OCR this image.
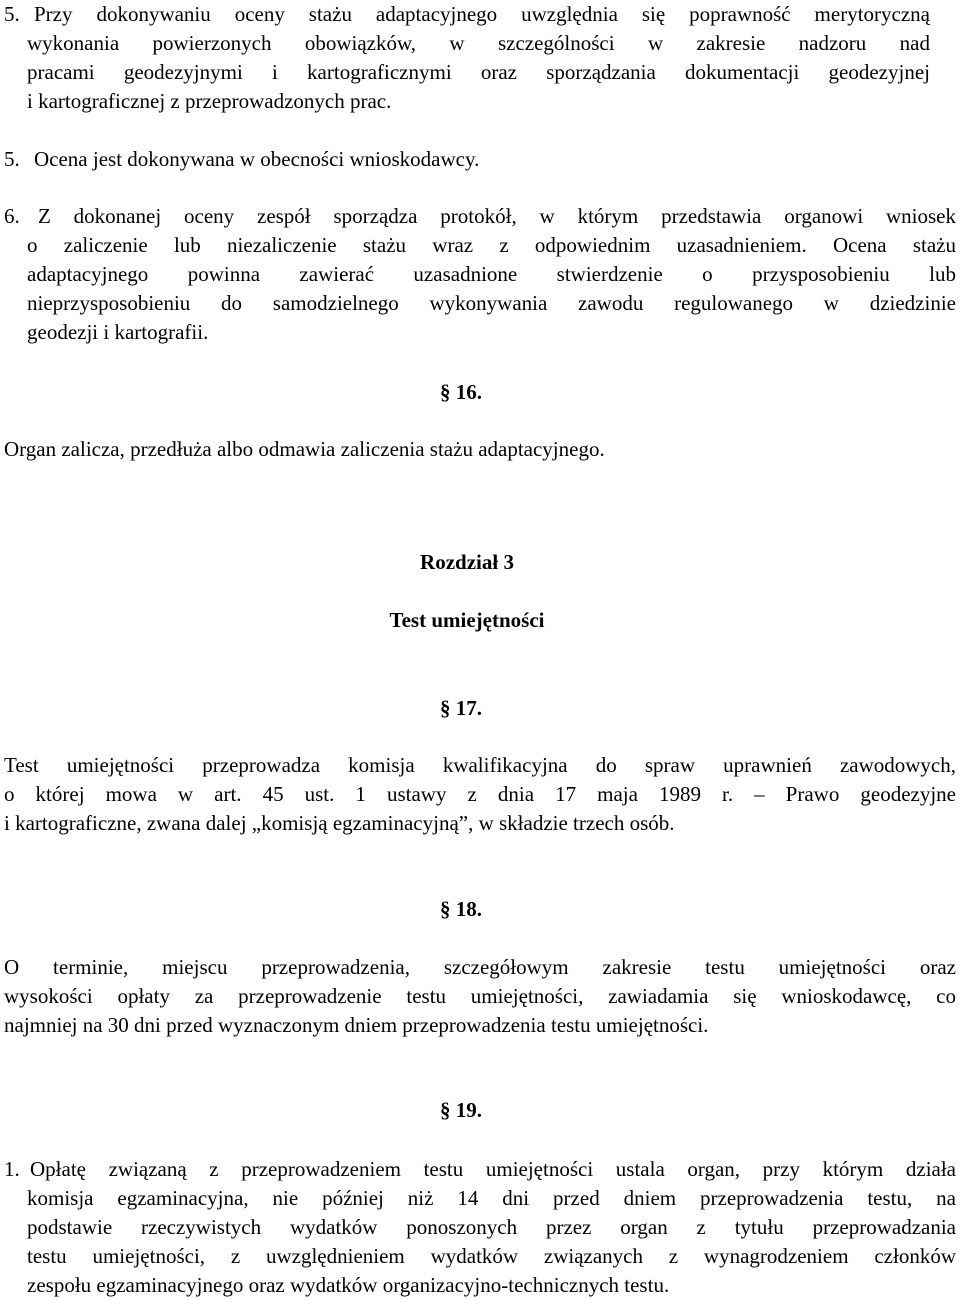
5. Przy dokonywaniu oceny stażu adaptacyjnego uwzględnia się poprawność merytoryczną
wykonania powierzonych obowiązków, w szczególności w zakresie nadzoru nad
pracami geodezyjnymi i kartograficznymi oraz sporządzania dokumentacji geodezyjnej
i kartograficznej z przeprowadzonych prac.
5. Ocena jest dokonywana w obecności wnioskodawcy.
6. Z dokonanej oceny zespół sporządza protokół, w którym przedstawia organowi wniosek
o zaliczenie lub niezaliczenie stażu wraz z odpowiednim uzasadnieniem. Ocena stażu
adaptacyjnego powinna zawierać uzasadnione stwierdzenie o przysposobieniu lub
nieprzysposobieniu do samodzielnego wykonywania zawodu regulowanego w dziedzinie
geodezji i kartografii.
§ 16.
Organ zalicza, przedłuża albo odmawia zaliczenia stażu adaptacyjnego.
Rozdział 3
Test umiejętności
§ 17.
Test umiejętności przeprowadza komisja kwalifikacyjna do spraw uprawnień zawodowych,
o której mowa w art. 45 ust. 1 ustawy z dnia 17 maja 1989 r. – Prawo geodezyjne
i kartograficzne, zwana dalej „komisją egzaminacyjną”, w składzie trzech osób.
§ 18.
O terminie, miejscu przeprowadzenia, szczegółowym zakresie testu umiejętności oraz
wysokości opłaty za przeprowadzenie testu umiejętności, zawiadamia się wnioskodawcę, co
najmniej na 30 dni przed wyznaczonym dniem przeprowadzenia testu umiejętności.
§ 19.
1. Opłatę związaną z przeprowadzeniem testu umiejętności ustala organ, przy którym działa
komisja egzaminacyjna, nie później niż 14 dni przed dniem przeprowadzenia testu, na
podstawie rzeczywistych wydatków ponoszonych przez organ z tytułu przeprowadzania
testu umiejętności, z uwzględnieniem wydatków związanych z wynagrodzeniem członków
zespołu egzaminacyjnego oraz wydatków organizacyjno-technicznych testu.
